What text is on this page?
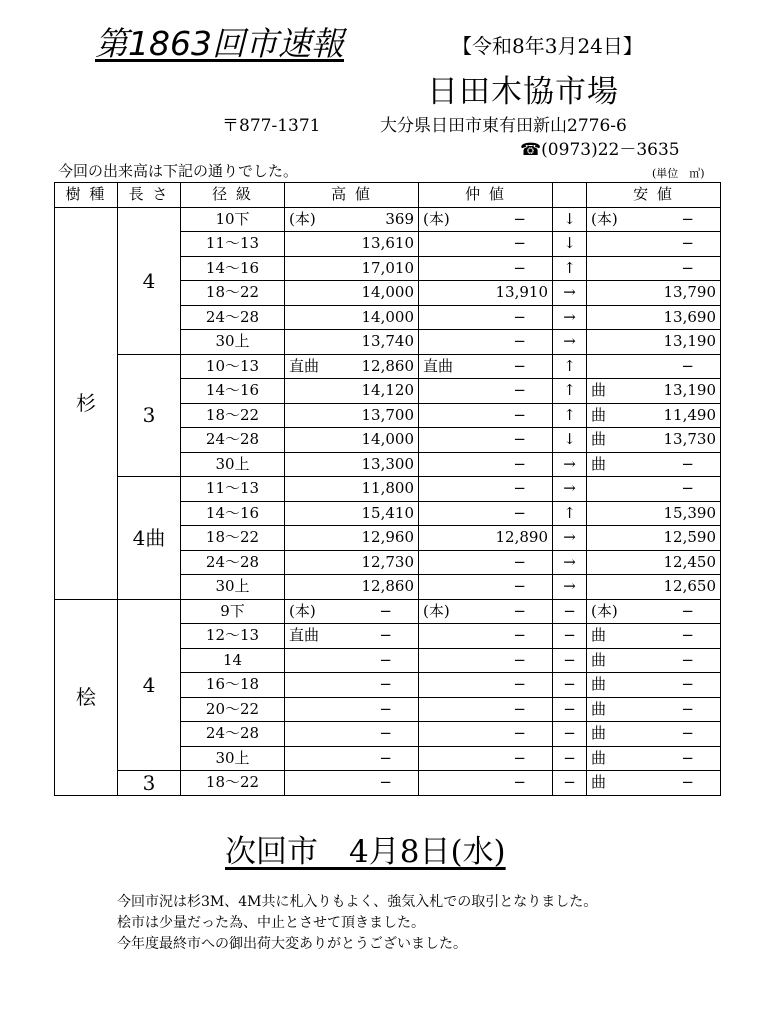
第1863回市速報	【令和8年3月24日】
日田木協市場
〒877-1371	大分県日田市東有田新山2776-6
☎(0973)22－3635
今回の出来高は下記の通りでした。	(単位　㎥)
樹 種	長 さ	径 級	高 値	仲 値		安 値
杉	4	10下	(本) 369	(本) −	↓	(本) −

		11〜13	13,610	−	↓	−

		14〜16	17,010	−	↑	−

		18〜22	14,000	13,910	→	13,790

		24〜28	14,000	−	→	13,690

		30上	13,740	−	→	13,190

	3	10〜13	直曲 12,860	直曲 −	↑	−

		14〜16	14,120	−	↑	曲 13,190

		18〜22	13,700	−	↑	曲 11,490

		24〜28	14,000	−	↓	曲 13,730

		30上	13,300	−	→	曲 −

	4曲	11〜13	11,800	−	→	−

		14〜16	15,410	−	↑	15,390

		18〜22	12,960	12,890	→	12,590

		24〜28	12,730	−	→	12,450

		30上	12,860	−	→	12,650

桧	4	9下	(本) −	(本) −	−	(本) −

		12〜13	直曲 −	−	−	曲 −

		14	−	−	−	曲 −

		16〜18	−	−	−	曲 −

		20〜22	−	−	−	曲 −

		24〜28	−	−	−	曲 −

		30上	−	−	−	曲 −

	3	18〜22	−	−	−	曲 −
次回市　4月8日(水)
今回市況は杉3M、4M共に札入りもよく、強気入札での取引となりました。
桧市は少量だった為、中止とさせて頂きました。
今年度最終市への御出荷大変ありがとうございました。
